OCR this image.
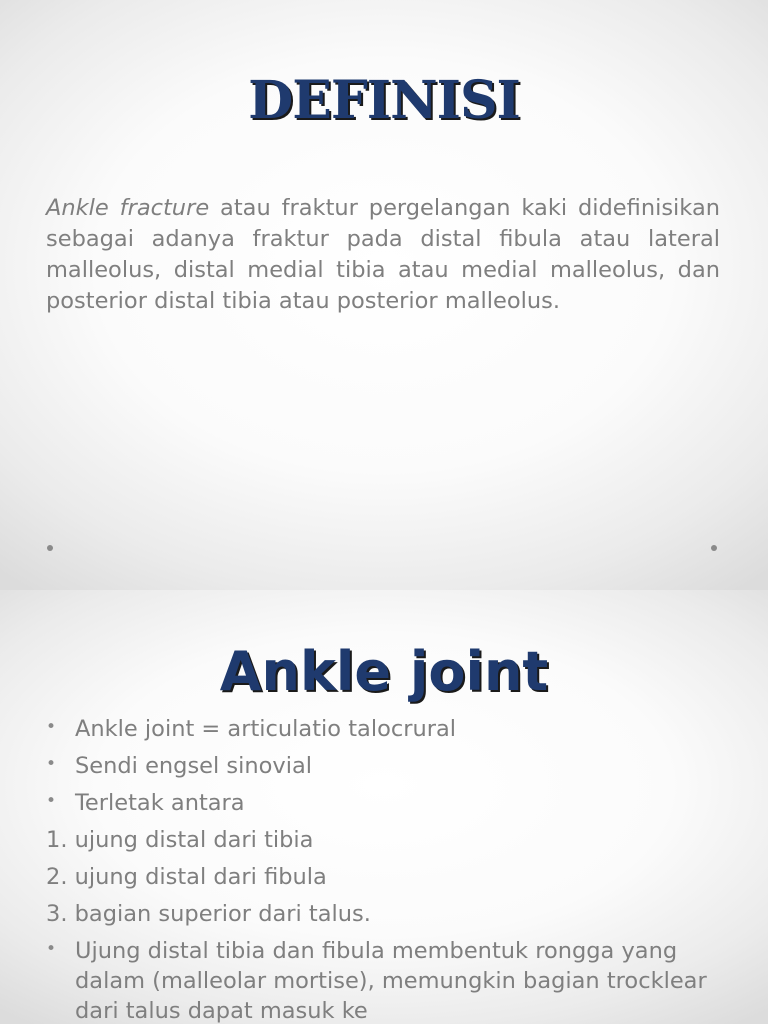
DEFINISI

Ankle fracture atau fraktur pergelangan kaki didefinisikan sebagai adanya fraktur pada distal fibula atau lateral malleolus, distal medial tibia atau medial malleolus, dan posterior distal tibia atau posterior malleolus.

Ankle joint
• Ankle joint = articulatio talocrural
• Sendi engsel sinovial
• Terletak antara
1. ujung distal dari tibia
2. ujung distal dari fibula
3. bagian superior dari talus.
• Ujung distal tibia dan fibula membentuk rongga yang dalam (malleolar mortise), memungkin bagian trocklear dari talus dapat masuk ke
